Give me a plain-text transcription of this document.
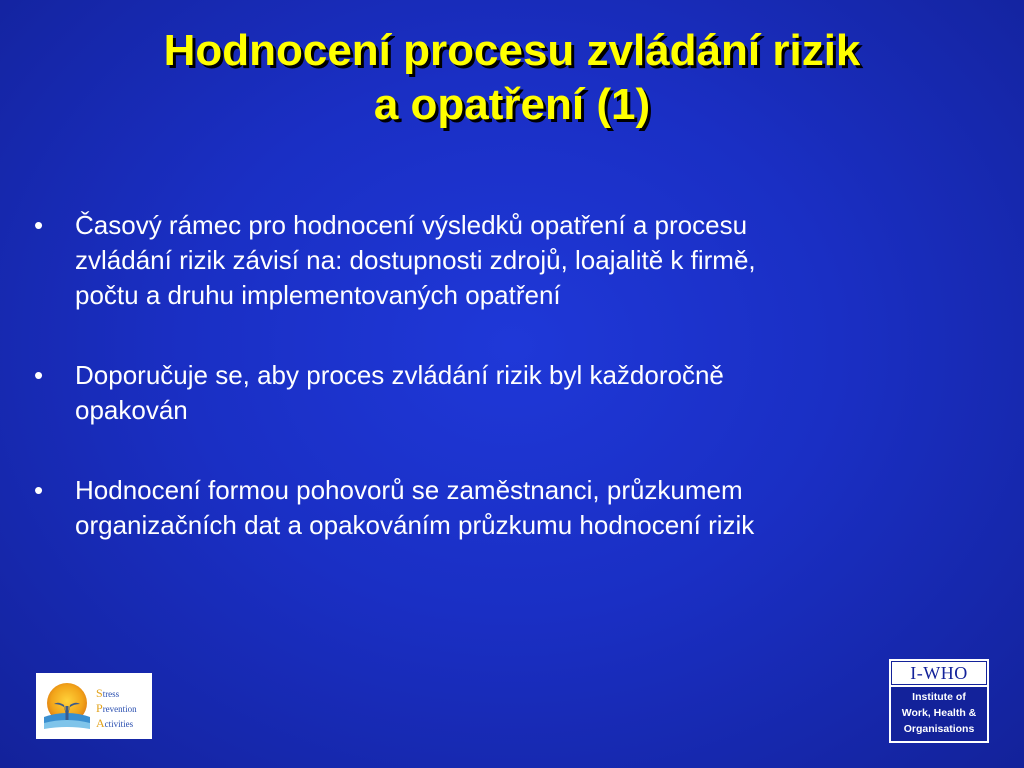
Hodnocení procesu zvládání rizik
a opatření (1)
• Časový rámec pro hodnocení výsledků opatření a procesu
zvládání rizik závisí na: dostupnosti zdrojů, loajalitě k firmě,
počtu a druhu implementovaných opatření
• Doporučuje se, aby proces zvládání rizik byl každoročně
opakován
• Hodnocení formou pohovorů se zaměstnanci, průzkumem
organizačních dat a opakováním průzkumu hodnocení rizik
Stress
Prevention
Activities
I-WHO
Institute of
Work, Health &
Organisations
